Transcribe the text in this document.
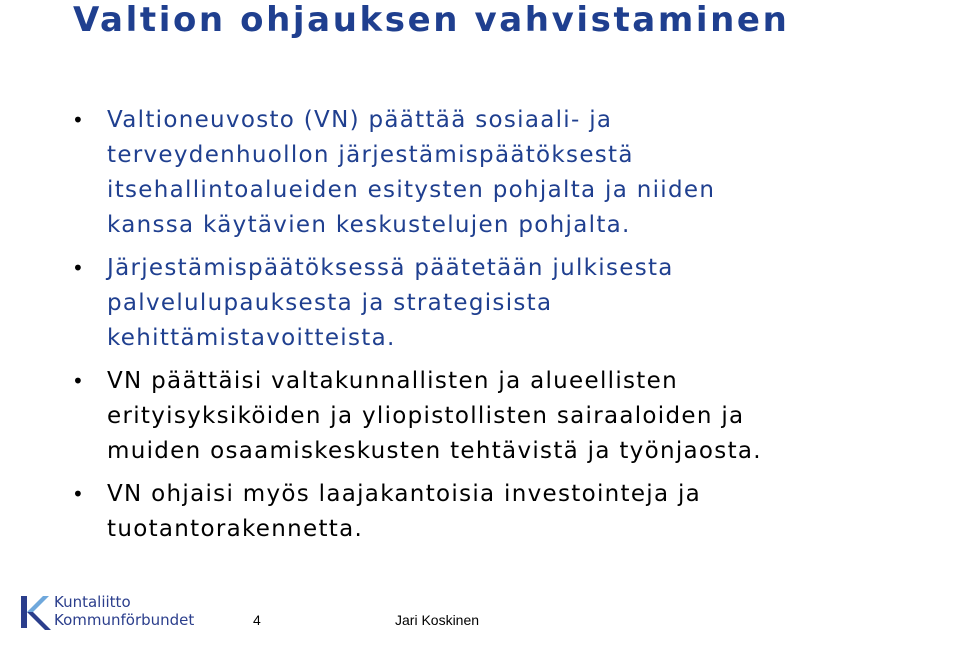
Valtion ohjauksen vahvistaminen
• Valtioneuvosto (VN) päättää sosiaali- ja
terveydenhuollon järjestämispäätöksestä
itsehallintoalueiden esitysten pohjalta ja niiden
kanssa käytävien keskustelujen pohjalta.
• Järjestämispäätöksessä päätetään julkisesta
palvelulupauksesta ja strategisista
kehittämistavoitteista.
• VN päättäisi valtakunnallisten ja alueellisten
erityisyksiköiden ja yliopistollisten sairaaloiden ja
muiden osaamiskeskusten tehtävistä ja työnjaosta.
• VN ohjaisi myös laajakantoisia investointeja ja
tuotantorakennetta.
Kuntaliitto
Kommunförbundet	4	Jari Koskinen
